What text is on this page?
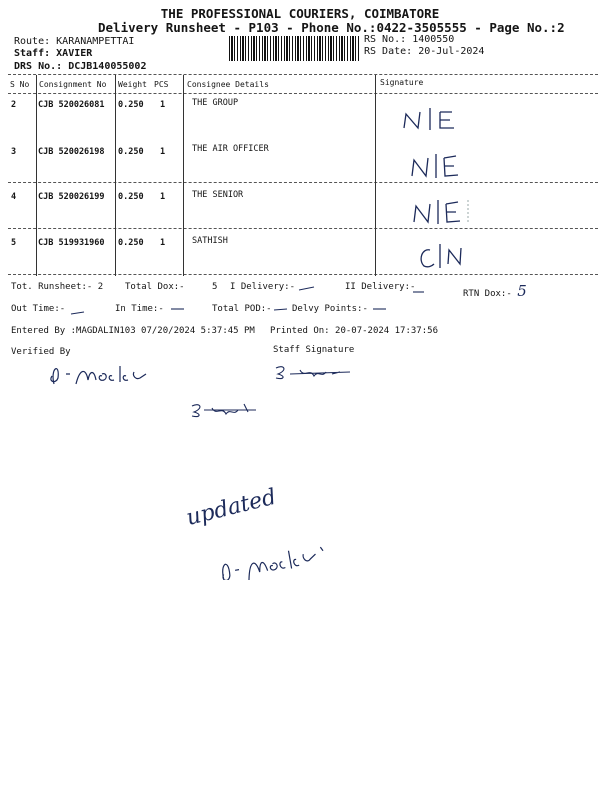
THE PROFESSIONAL COURIERS, COIMBATORE
Delivery Runsheet - P103 - Phone No.:0422-3505555 - Page No.:2
Route: KARANAMPETTAI
Staff: XAVIER
DRS No.: DCJB140055002
RS No.: 1400550
RS Date: 20-Jul-2024
S No Consignment No Weight PCS Consignee Details	Signature
2	CJB 520026081 0.250 1	THE GROUP
3	CJB 520026198 0.250 1	THE AIR OFFICER
4	CJB 520026199 0.250 1	THE SENIOR
5	CJB 519931960 0.250 1	SATHISH
Tot. Runsheet:- 2 Total Dox:-	5 I Delivery:-	II Delivery:-
RTN Dox:- 5
Out Time:-	In Time:-	Total POD:- Delvy Points:-
Entered By :MAGDALIN103 07/20/2024 5:37:45 PM Printed On: 20-07-2024 17:37:56
Verified By	Staff Signature
updated
